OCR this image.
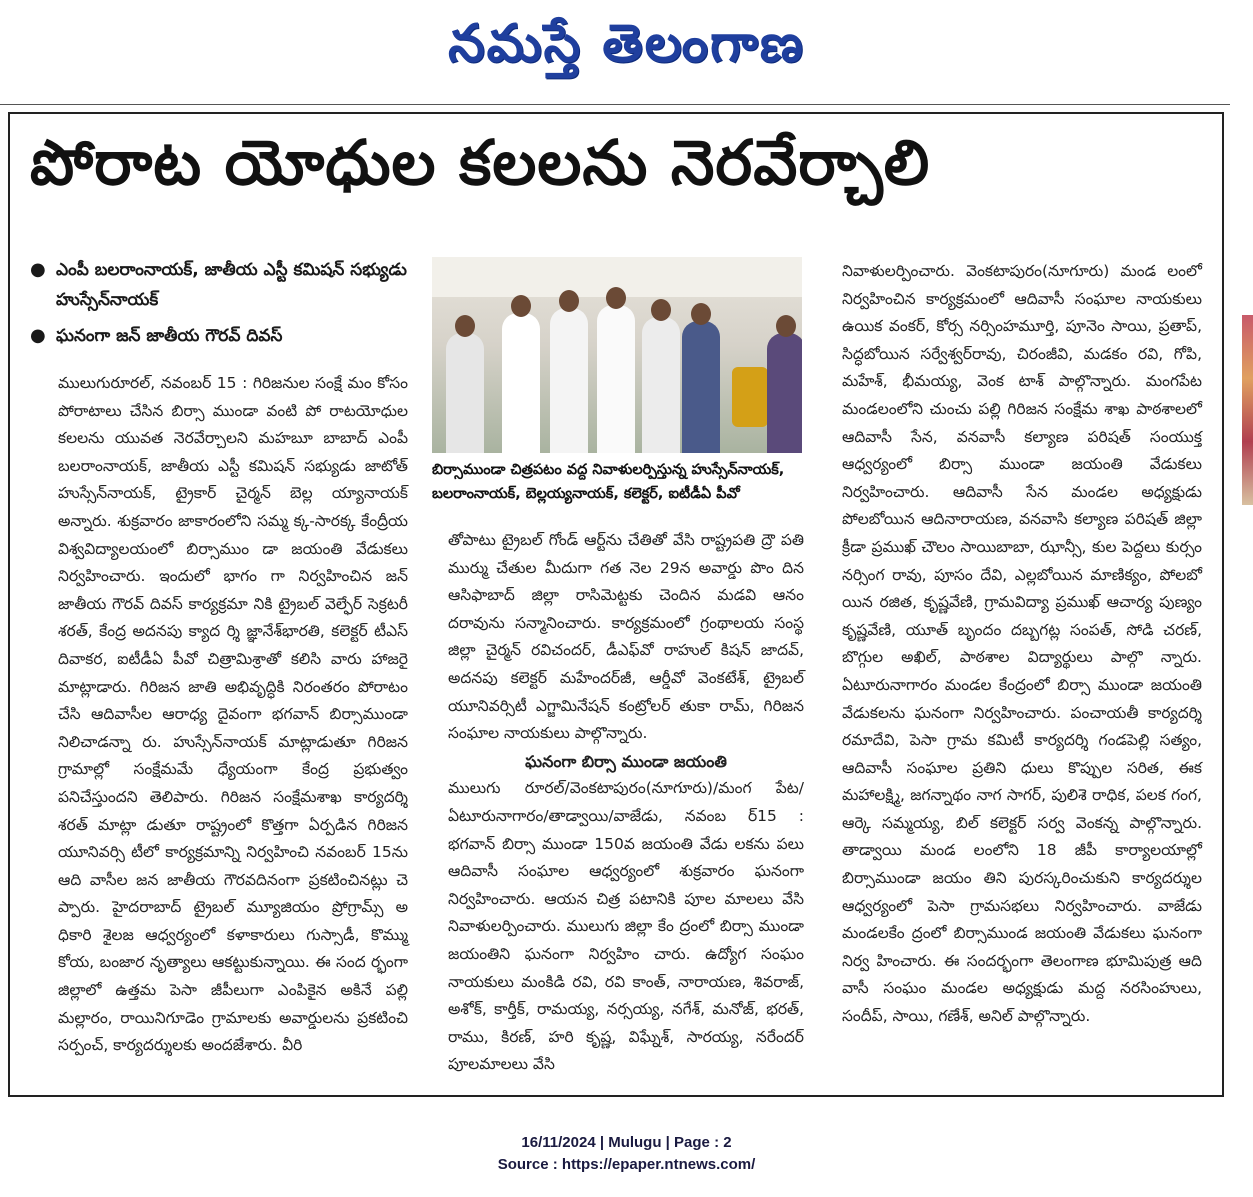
నమస్తే తెలంగాణ
పోరాట యోధుల కలలను నెరవేర్చాలి
● ఎంపీ బలరాంనాయక్, జాతీయ ఎస్టీ కమిషన్ సభ్యుడు హుస్సేన్‌నాయక్
● ఘనంగా జన్ జాతీయ గౌరవ్ దివస్

ములుగురూరల్, నవంబర్ 15 : గిరిజనుల సంక్షే మం కోసం పోరాటాలు చేసిన బిర్సా ముండా వంటి పో రాటయోధుల కలలను యువత నెరవేర్చాలని మహబూ బాబాద్ ఎంపీ బలరాంనాయక్, జాతీయ ఎస్టీ కమిషన్ సభ్యుడు జాటోత్ హుస్సేన్‌నాయక్, ట్రైకార్ చైర్మన్ బెల్ల య్యానాయక్ అన్నారు. శుక్రవారం జాకారంలోని సమ్మ క్క-సారక్క కేంద్రీయ విశ్వవిద్యాలయంలో బిర్సాముం డా జయంతి వేడుకలు నిర్వహించారు. ఇందులో భాగం గా నిర్వహించిన జన్ జాతీయ గౌరవ్ దివస్ కార్యక్రమా నికి ట్రైబల్ వెల్ఫేర్ సెక్రటరీ శరత్, కేంద్ర అదనపు క్యాద ర్శి జ్ఞానేశ్‌భారతి, కలెక్టర్ టీఎస్ దివాకర, ఐటీడీఏ పీవో చిత్రామిశ్రాతో కలిసి వారు హాజరై మాట్లాడారు. గిరిజన జాతి అభివృద్ధికి నిరంతరం పోరాటం చేసి ఆదివాసీల ఆరాధ్య దైవంగా భగవాన్ బిర్సాముండా నిలిచాడన్నా రు. హుస్సేన్‌నాయక్ మాట్లాడుతూ గిరిజన గ్రామాల్లో సంక్షేమమే ధ్యేయంగా కేంద్ర ప్రభుత్వం పనిచేస్తుందని తెలిపారు. గిరిజన సంక్షేమశాఖ కార్యదర్శి శరత్ మాట్లా డుతూ రాష్ట్రంలో కొత్తగా ఏర్పడిన గిరిజన యూనివర్సి టీలో కార్యక్రమాన్ని నిర్వహించి నవంబర్ 15ను ఆది వాసీల జన జాతీయ గౌరవదినంగా ప్రకటించినట్లు చె ప్పారు. హైదరాబాద్ ట్రైబల్ మ్యూజియం ప్రోగ్రామ్స్ అ ధికారి శైలజ ఆధ్వర్యంలో కళాకారులు గుస్సాడీ, కొమ్ము కోయ, బంజార నృత్యాలు ఆకట్టుకున్నాయి. ఈ సంద ర్భంగా జిల్లాలో ఉత్తమ పెసా జీపీలుగా ఎంపికైన అకినే పల్లి మల్లారం, రాయినిగూడెం గ్రామాలకు అవార్డులను ప్రకటించి సర్పంచ్, కార్యదర్శులకు అందజేశారు. వీరి

బిర్సాముండా చిత్రపటం వద్ద నివాళులర్పిస్తున్న హుస్సేన్‌నాయక్, బలరాంనాయక్, బెల్లయ్యనాయక్, కలెక్టర్, ఐటీడీఏ పీవో

తోపాటు ట్రైబల్ గోండ్ ఆర్ట్‌ను చేతితో వేసి రాష్ట్రపతి ద్రౌ పతి ముర్ము చేతుల మీదుగా గత నెల 29న అవార్డు పొం దిన ఆసిఫాబాద్ జిల్లా రాసిమెట్టకు చెందిన మడవి ఆనం దరావును సన్మానించారు. కార్యక్రమంలో గ్రంథాలయ సంస్థ జిల్లా చైర్మన్ రవిచందర్, డీఎఫ్‌వో రాహుల్ కిషన్ జాదవ్, అదనపు కలెక్టర్ మహేందర్‌జీ, ఆర్డీవో వెంకటేశ్, ట్రైబల్ యూనివర్సిటీ ఎగ్జామినేషన్ కంట్రోలర్ తుకా రామ్, గిరిజన సంఘాల నాయకులు పాల్గొన్నారు.

ఘనంగా బిర్సా ముండా జయంతి

ములుగు రూరల్/వెంకటాపురం(నూగూరు)/మంగ పేట/ఏటూరునాగారం/తాడ్వాయి/వాజేడు, నవంబ ర్15 : భగవాన్ బిర్సా ముండా 150వ జయంతి వేడు లకను పలు ఆదివాసీ సంఘాల ఆధ్వర్యంలో శుక్రవారం ఘనంగా నిర్వహించారు. ఆయన చిత్ర పటానికి పూల మాలలు వేసి నివాళులర్పించారు. ములుగు జిల్లా కేం ద్రంలో బిర్సా ముండా జయంతిని ఘనంగా నిర్వహిం చారు. ఉద్యోగ సంఘం నాయకులు మంకిడి రవి, రవి కాంత్, నారాయణ, శివరాజ్, అశోక్, కార్తీక్, రామయ్య, నర్సయ్య, నగేశ్, మనోజ్, భరత్, రాము, కిరణ్, హరి కృష్ణ, విఘ్నేశ్, సారయ్య, నరేందర్ పూలమాలలు వేసి

నివాళులర్పించారు. వెంకటాపురం(నూగూరు) మండ లంలో నిర్వహించిన కార్యక్రమంలో ఆదివాసీ సంఘాల నాయకులు ఉయిక వంకర్, కోర్స నర్సింహమూర్తి, పూనెం సాయి, ప్రతాప్, సిద్ధబోయిన సర్వేశ్వర్‌రావు, చిరంజీవి, మడకం రవి, గోపి, మహేశ్, భీమయ్య, వెంక టాశ్ పాల్గొన్నారు. మంగపేట మండలంలోని చుంచు పల్లి గిరిజన సంక్షేమ శాఖ పాఠశాలలో ఆదివాసీ సేన, వనవాసీ కల్యాణ పరిషత్ సంయుక్త ఆధ్వర్యంలో బిర్సా ముండా జయంతి వేడుకలు నిర్వహించారు. ఆదివాసీ సేన మండల అధ్యక్షుడు పోలబోయిన ఆదినారాయణ, వనవాసి కల్యాణ పరిషత్ జిల్లా క్రీడా ప్రముఖ్ చౌలం సాయిబాబా, ఝాన్సీ, కుల పెద్దలు కుర్సం నర్సింగ రావు, పూసం దేవి, ఎల్లబోయిన మాణిక్యం, పోలబో యిన రజిత, కృష్ణవేణి, గ్రామవిద్యా ప్రముఖ్ ఆచార్య పుణ్యం కృష్ణవేణి, యూత్ బృందం దబ్బగట్ల సంపత్, సోడి చరణ్, బొగ్గుల అఖిల్, పాఠశాల విద్యార్థులు పాల్గొ న్నారు. ఏటూరునాగారం మండల కేంద్రంలో బిర్సా ముండా జయంతి వేడుకలను ఘనంగా నిర్వహించారు. పంచాయతీ కార్యదర్శి రమాదేవి, పెసా గ్రామ కమిటీ కార్యదర్శి గండపెల్లి సత్యం, ఆదివాసీ సంఘాల ప్రతిని ధులు కొప్పుల సరిత, ఈక మహాలక్ష్మి, జగన్నాథం నాగ సాగర్, పులిశె రాధిక, పలక గంగ, ఆర్కె సమ్మయ్య, బిల్ కలెక్టర్ సర్వ వెంకన్న పాల్గొన్నారు. తాడ్వాయి మండ లంలోని 18 జీపీ కార్యాలయాల్లో బిర్సాముండా జయం తిని పురస్కరించుకుని కార్యదర్శుల ఆధ్వర్యంలో పెసా గ్రామసభలు నిర్వహించారు. వాజేడు మండలకేం ద్రంలో బిర్సాముండ జయంతి వేడుకలు ఘనంగా నిర్వ హించారు. ఈ సందర్భంగా తెలంగాణ భూమిపుత్ర ఆది వాసీ సంఘం మండల అధ్యక్షుడు మద్ద నరసింహులు, సందీప్, సాయి, గణేశ్, అనిల్ పాల్గొన్నారు.

16/11/2024 | Mulugu | Page : 2
Source : https://epaper.ntnews.com/
